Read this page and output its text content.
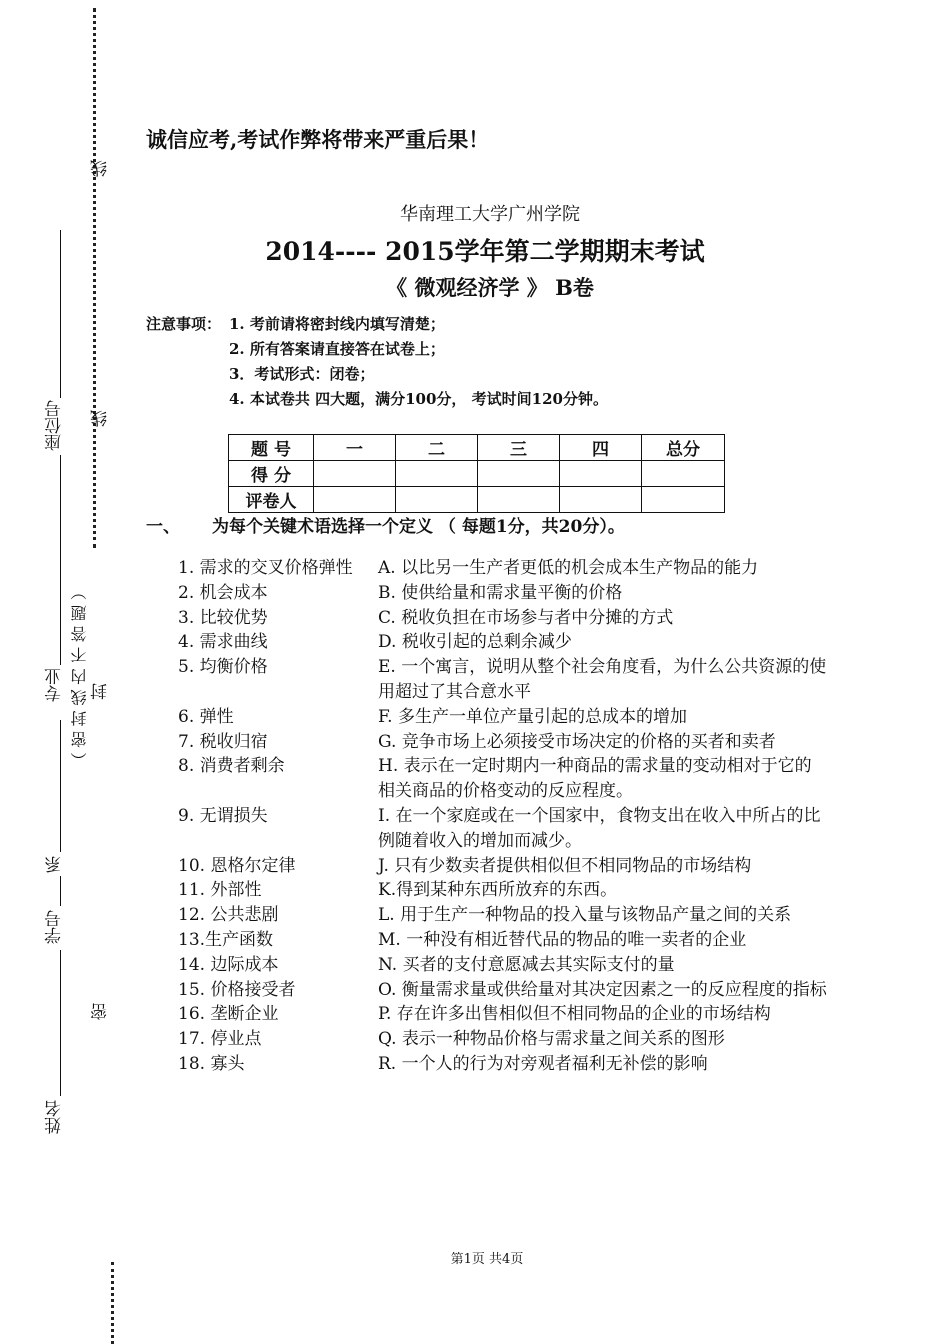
线
线
密
（ 密 封 线 内 不 答 题 ） 封
座位号
专业
系
学号
姓名
诚信应考,考试作弊将带来严重后果！
华南理工大学广州学院
2014---- 2015学年第二学期期末考试
《 微观经济学 》 B卷
注意事项： 1. 考前请将密封线内填写清楚；
2. 所有答案请直接答在试卷上；
3．考试形式：闭卷；
4. 本试卷共 四大题，满分100分， 考试时间120分钟。
题 号	一	二	三	四	总分
得 分					
评卷人					
一、 为每个关键术语选择一个定义 （ 每题1分，共20分）。
1. 需求的交叉价格弹性	A. 以比另一生产者更低的机会成本生产物品的能力
2. 机会成本	B. 使供给量和需求量平衡的价格
3. 比较优势	C. 税收负担在市场参与者中分摊的方式
4. 需求曲线	D. 税收引起的总剩余减少
5. 均衡价格	E. 一个寓言，说明从整个社会角度看，为什么公共资源的使用超过了其合意水平
6. 弹性	F. 多生产一单位产量引起的总成本的增加
7. 税收归宿	G. 竞争市场上必须接受市场决定的价格的买者和卖者
8. 消费者剩余	H. 表示在一定时期内一种商品的需求量的变动相对于它的相关商品的价格变动的反应程度。
9. 无谓损失	I. 在一个家庭或在一个国家中，食物支出在收入中所占的比例随着收入的增加而减少。
10. 恩格尔定律	J. 只有少数卖者提供相似但不相同物品的市场结构
11. 外部性	K.得到某种东西所放弃的东西。
12. 公共悲剧	L. 用于生产一种物品的投入量与该物品产量之间的关系
13.生产函数	M. 一种没有相近替代品的物品的唯一卖者的企业
14. 边际成本	N. 买者的支付意愿减去其实际支付的量
15. 价格接受者	O. 衡量需求量或供给量对其决定因素之一的反应程度的指标
16. 垄断企业	P. 存在许多出售相似但不相同物品的企业的市场结构
17. 停业点	Q. 表示一种物品价格与需求量之间关系的图形
18. 寡头	R. 一个人的行为对旁观者福利无补偿的影响
第1页 共4页
